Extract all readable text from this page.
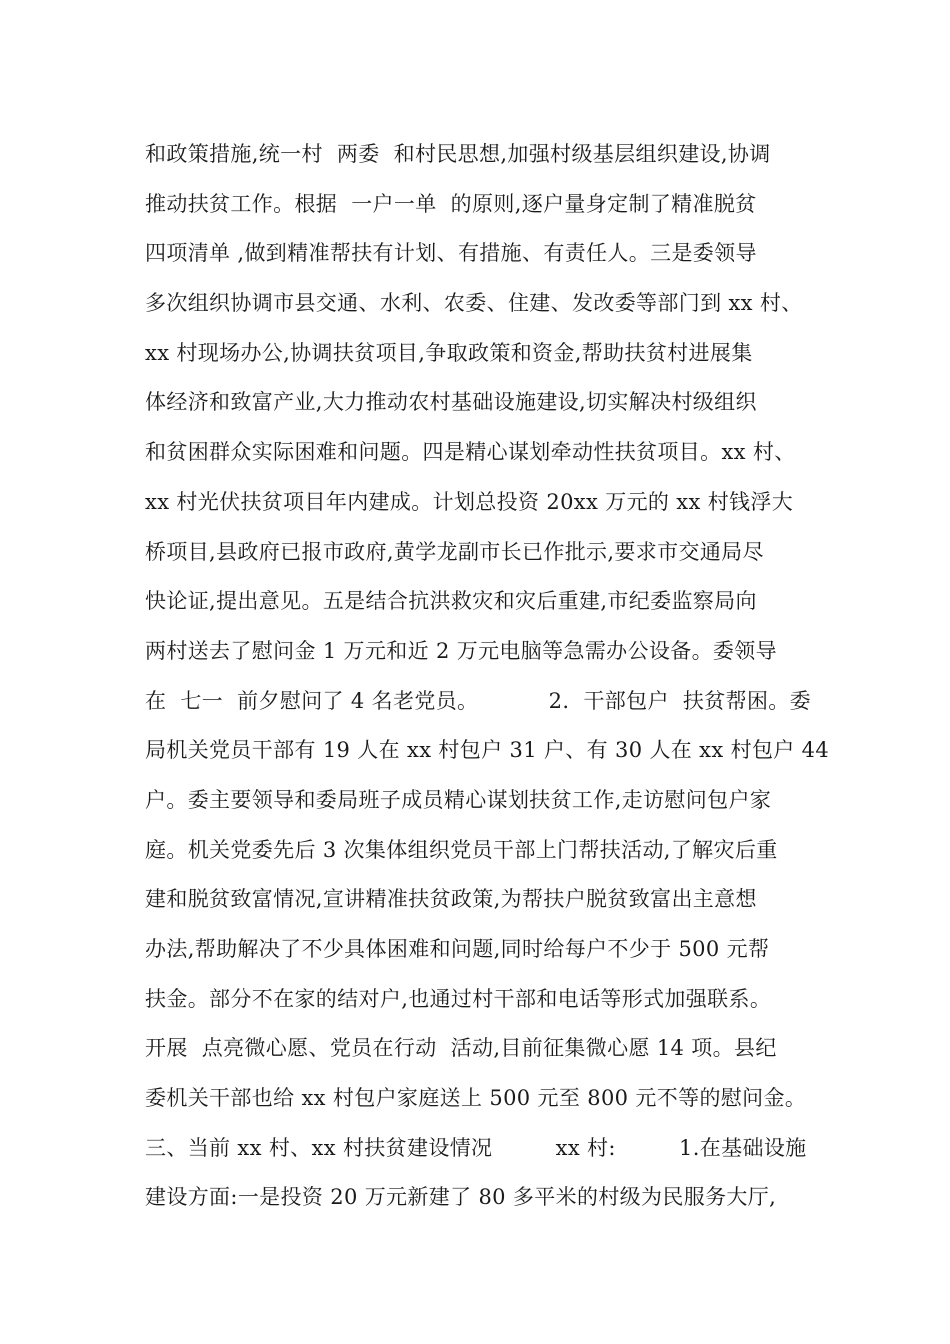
和政策措施,统一村  两委  和村民思想,加强村级基层组织建设,协调
推动扶贫工作。根据  一户一单  的原则,逐户量身定制了精准脱贫
四项清单 ,做到精准帮扶有计划、有措施、有责任人。三是委领导
多次组织协调市县交通、水利、农委、住建、发改委等部门到 xx 村、
xx 村现场办公,协调扶贫项目,争取政策和资金,帮助扶贫村进展集
体经济和致富产业,大力推动农村基础设施建设,切实解决村级组织
和贫困群众实际困难和问题。四是精心谋划牵动性扶贫项目。xx 村、
xx 村光伏扶贫项目年内建成。计划总投资 20xx 万元的 xx 村钱浮大
桥项目,县政府已报市政府,黄学龙副市长已作批示,要求市交通局尽
快论证,提出意见。五是结合抗洪救灾和灾后重建,市纪委监察局向
两村送去了慰问金 1 万元和近 2 万元电脑等急需办公设备。委领导
在  七一  前夕慰问了 4 名老党员。          2.  干部包户  扶贫帮困。委
局机关党员干部有 19 人在 xx 村包户 31 户、有 30 人在 xx 村包户 44
户。委主要领导和委局班子成员精心谋划扶贫工作,走访慰问包户家
庭。机关党委先后 3 次集体组织党员干部上门帮扶活动,了解灾后重
建和脱贫致富情况,宣讲精准扶贫政策,为帮扶户脱贫致富出主意想
办法,帮助解决了不少具体困难和问题,同时给每户不少于 500 元帮
扶金。部分不在家的结对户,也通过村干部和电话等形式加强联系。
开展  点亮微心愿、党员在行动  活动,目前征集微心愿 14 项。县纪
委机关干部也给 xx 村包户家庭送上 500 元至 800 元不等的慰问金。
三、当前 xx 村、xx 村扶贫建设情况         xx 村:         1.在基础设施
建设方面:一是投资 20 万元新建了 80 多平米的村级为民服务大厅,
